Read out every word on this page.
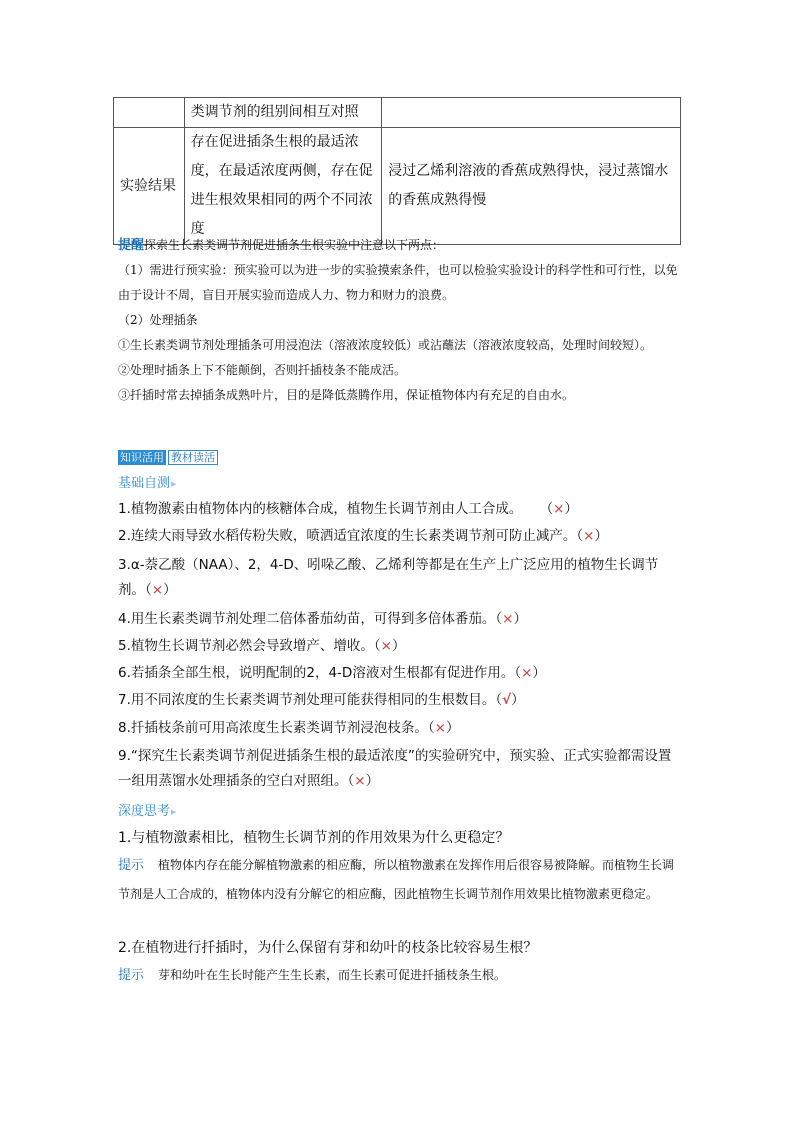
	类调节剂的组别间相互对照	
实验结果	存在促进插条生根的最适浓度，在最适浓度两侧，存在促进生根效果相同的两个不同浓度	浸过乙烯利溶液的香蕉成熟得快，浸过蒸馏水的香蕉成熟得慢

提醒探索生长素类调节剂促进插条生根实验中注意以下两点：

（1）需进行预实验：预实验可以为进一步的实验摸索条件，也可以检验实验设计的科学性和可行性，以免由于设计不周，盲目开展实验而造成人力、物力和财力的浪费。

（2）处理插条

①生长素类调节剂处理插条可用浸泡法（溶液浓度较低）或沾蘸法（溶液浓度较高，处理时间较短）。

②处理时插条上下不能颠倒，否则扦插枝条不能成活。

③扦插时常去掉插条成熟叶片，目的是降低蒸腾作用，保证植物体内有充足的自由水。

知识活用 教材读活
基础自测▶
1.植物激素由植物体内的核糖体合成，植物生长调节剂由人工合成。 （×）
2.连续大雨导致水稻传粉失败，喷洒适宜浓度的生长素类调节剂可防止减产。（×）
3.α-萘乙酸（NAA）、2，4-D、吲哚乙酸、乙烯利等都是在生产上广泛应用的植物生长调节剂。（×）
4.用生长素类调节剂处理二倍体番茄幼苗，可得到多倍体番茄。（×）
5.植物生长调节剂必然会导致增产、增收。（×）
6.若插条全部生根，说明配制的2，4-D溶液对生根都有促进作用。（×）
7.用不同浓度的生长素类调节剂处理可能获得相同的生根数目。（√）
8.扦插枝条前可用高浓度生长素类调节剂浸泡枝条。（×）
9.“探究生长素类调节剂促进插条生根的最适浓度”的实验研究中，预实验、正式实验都需设置一组用蒸馏水处理插条的空白对照组。（×）
深度思考▶
1.与植物激素相比，植物生长调节剂的作用效果为什么更稳定？
提示 植物体内存在能分解植物激素的相应酶，所以植物激素在发挥作用后很容易被降解。而植物生长调节剂是人工合成的，植物体内没有分解它的相应酶，因此植物生长调节剂作用效果比植物激素更稳定。
2.在植物进行扦插时，为什么保留有芽和幼叶的枝条比较容易生根？
提示 芽和幼叶在生长时能产生生长素，而生长素可促进扦插枝条生根。
